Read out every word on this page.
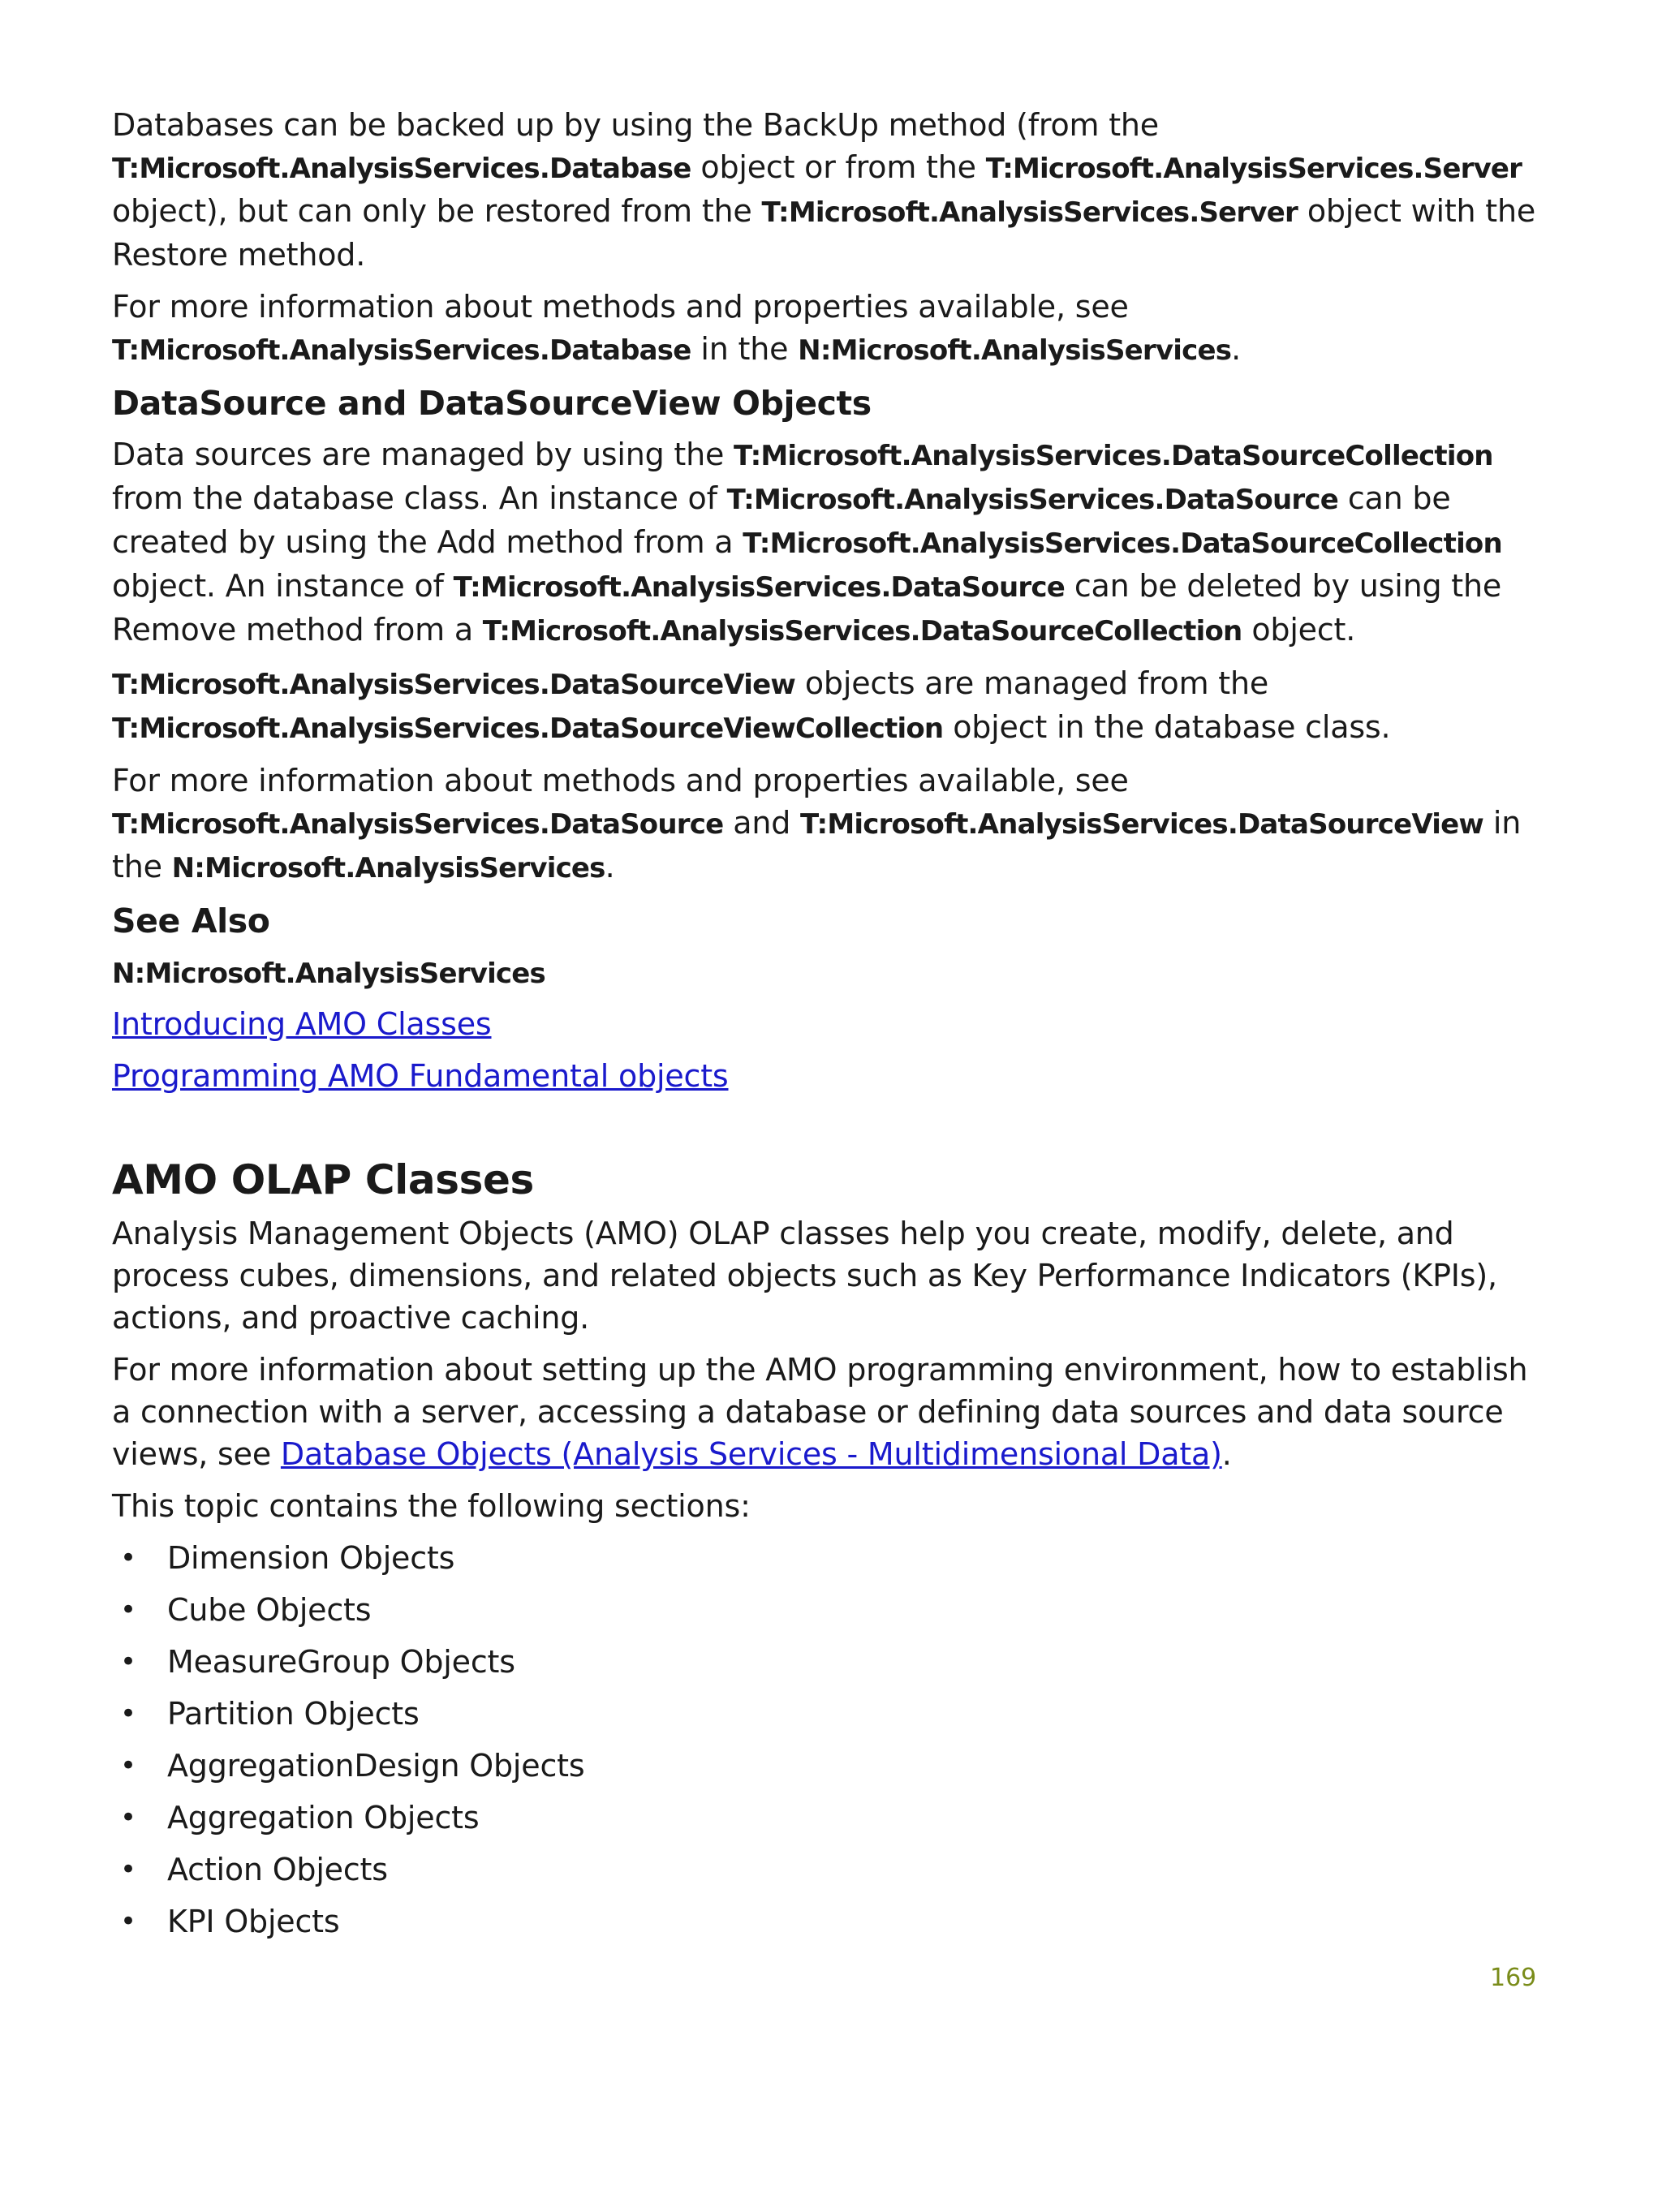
Databases can be backed up by using the BackUp method (from the T:Microsoft.AnalysisServices.Database object or from the T:Microsoft.AnalysisServices.Server object), but can only be restored from the T:Microsoft.AnalysisServices.Server object with the Restore method.

For more information about methods and properties available, see T:Microsoft.AnalysisServices.Database in the N:Microsoft.AnalysisServices.

DataSource and DataSourceView Objects

Data sources are managed by using the T:Microsoft.AnalysisServices.DataSourceCollection from the database class. An instance of T:Microsoft.AnalysisServices.DataSource can be created by using the Add method from a T:Microsoft.AnalysisServices.DataSourceCollection object. An instance of T:Microsoft.AnalysisServices.DataSource can be deleted by using the Remove method from a T:Microsoft.AnalysisServices.DataSourceCollection object.

T:Microsoft.AnalysisServices.DataSourceView objects are managed from the T:Microsoft.AnalysisServices.DataSourceViewCollection object in the database class.

For more information about methods and properties available, see T:Microsoft.AnalysisServices.DataSource and T:Microsoft.AnalysisServices.DataSourceView in the N:Microsoft.AnalysisServices.

See Also

N:Microsoft.AnalysisServices

Introducing AMO Classes

Programming AMO Fundamental objects

AMO OLAP Classes

Analysis Management Objects (AMO) OLAP classes help you create, modify, delete, and process cubes, dimensions, and related objects such as Key Performance Indicators (KPIs), actions, and proactive caching.

For more information about setting up the AMO programming environment, how to establish a connection with a server, accessing a database or defining data sources and data source views, see Database Objects (Analysis Services - Multidimensional Data).

This topic contains the following sections:

• Dimension Objects
• Cube Objects
• MeasureGroup Objects
• Partition Objects
• AggregationDesign Objects
• Aggregation Objects
• Action Objects
• KPI Objects
169
